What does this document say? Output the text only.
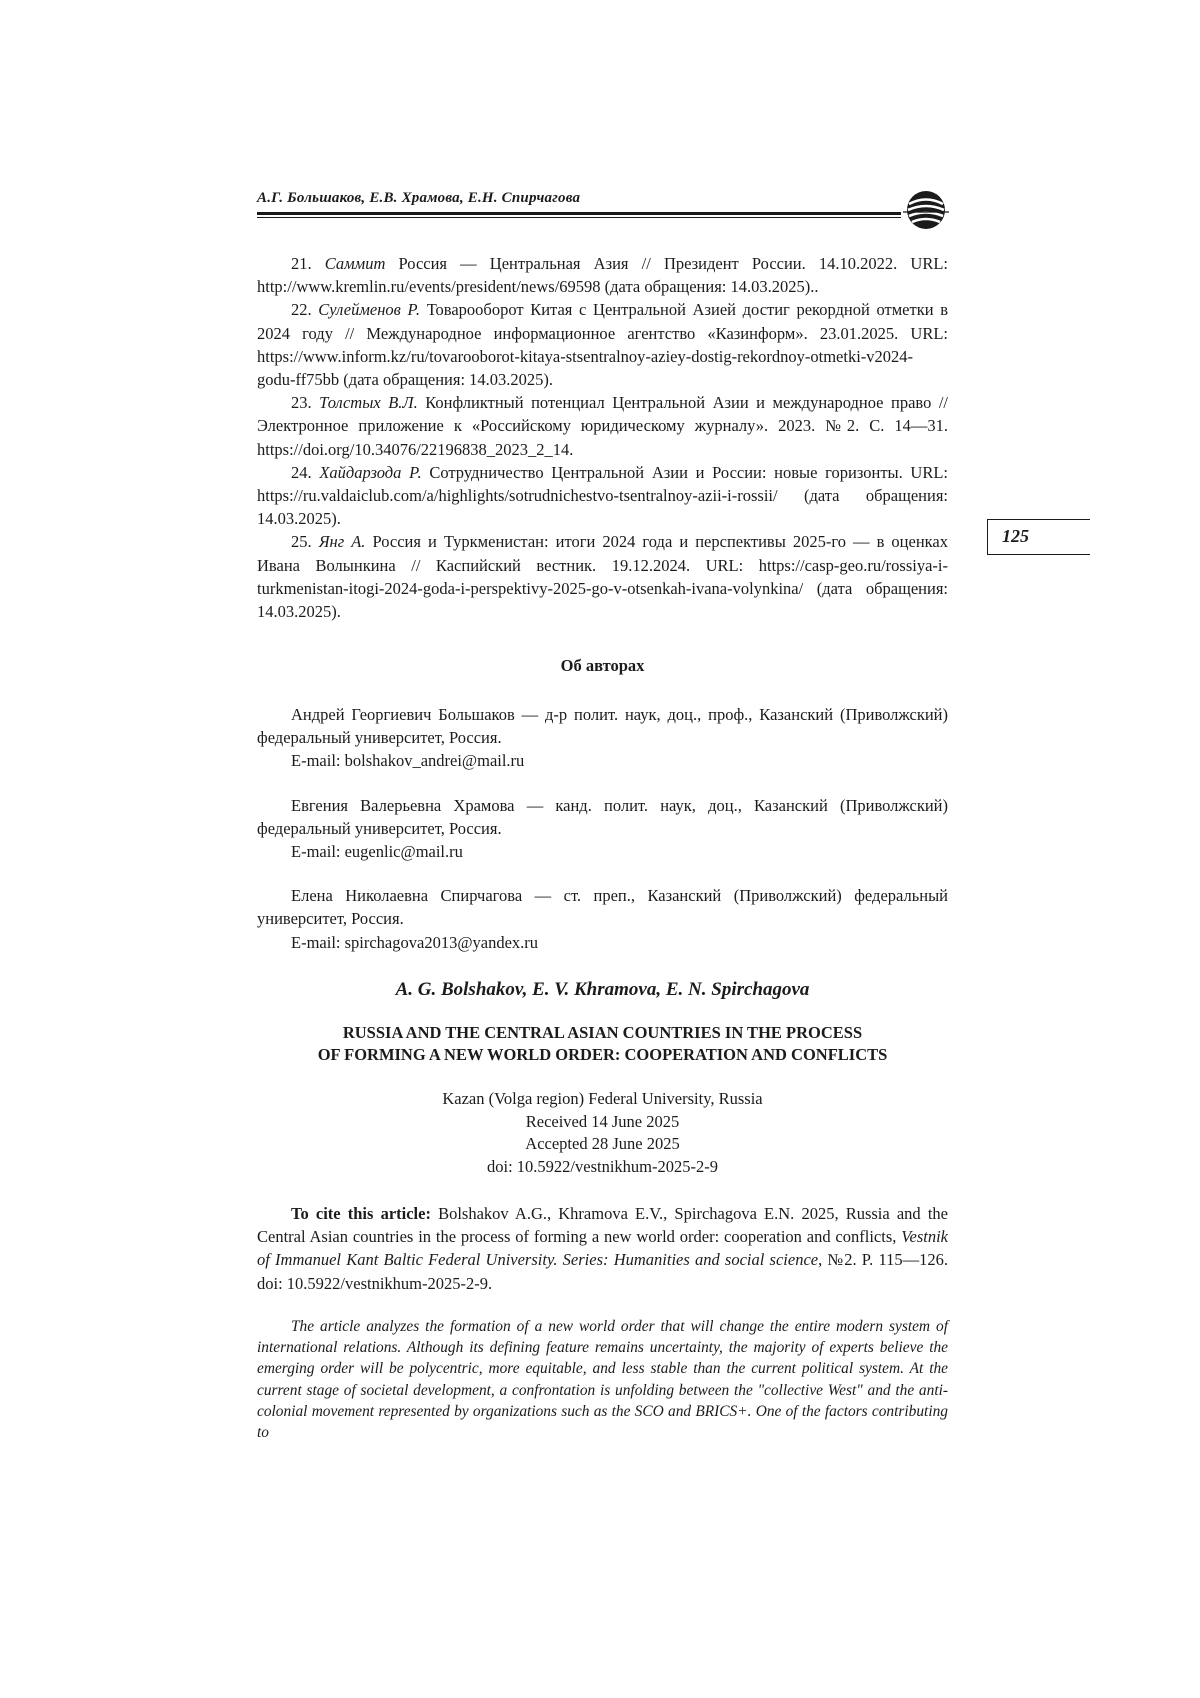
А.Г. Большаков, Е.В. Храмова, Е.Н. Спирчагова
125

21. Саммит Россия — Центральная Азия // Президент России. 14.10.2022. URL: http://www.kremlin.ru/events/president/news/69598 (дата обращения: 14.03.2025)..

22. Сулейменов Р. Товарооборот Китая с Центральной Азией достиг рекордной отметки в 2024 году // Международное информационное агентство «Казинформ». 23.01.2025. URL: https://www.inform.kz/ru/tovarooborot-kitaya-stsentralnoy-aziey-dostig-rekordnoy-otmetki-v2024-godu-ff75bb (дата обращения: 14.03.2025).

23. Толстых В.Л. Конфликтный потенциал Центральной Азии и международное право // Электронное приложение к «Российскому юридическому журналу». 2023. №2. С. 14—31. https://doi.org/10.34076/22196838_2023_2_14.

24. Хайдарзода Р. Сотрудничество Центральной Азии и России: новые горизонты. URL: https://ru.valdaiclub.com/a/highlights/sotrudnichestvo-tsentralnoy-azii-i-rossii/ (дата обращения: 14.03.2025).

25. Янг А. Россия и Туркменистан: итоги 2024 года и перспективы 2025-го — в оценках Ивана Волынкина // Каспийский вестник. 19.12.2024. URL: https://casp-geo.ru/rossiya-i-turkmenistan-itogi-2024-goda-i-perspektivy-2025-go-v-otsenkah-ivana-volynkina/ (дата обращения: 14.03.2025).

Об авторах

Андрей Георгиевич Большаков — д-р полит. наук, доц., проф., Казанский (Приволжский) федеральный университет, Россия.

E-mail: bolshakov_andrei@mail.ru

Евгения Валерьевна Храмова — канд. полит. наук, доц., Казанский (Приволжский) федеральный университет, Россия.

E-mail: eugenlic@mail.ru

Елена Николаевна Спирчагова — ст. преп., Казанский (Приволжский) федеральный университет, Россия.

E-mail: spirchagova2013@yandex.ru

A. G. Bolshakov, E. V. Khramova, E. N. Spirchagova
RUSSIA AND THE CENTRAL ASIAN COUNTRIES IN THE PROCESS
OF FORMING A NEW WORLD ORDER: COOPERATION AND CONFLICTS
Kazan (Volga region) Federal University, Russia
Received 14 June 2025
Accepted 28 June 2025
doi: 10.5922/vestnikhum-2025-2-9

To cite this article: Bolshakov A.G., Khramova E.V., Spirchagova E.N. 2025, Russia and the Central Asian countries in the process of forming a new world order: cooperation and conflicts, Vestnik of Immanuel Kant Baltic Federal University. Series: Humanities and social science, №2. P. 115—126. doi: 10.5922/vestnikhum-2025-2-9.

The article analyzes the formation of a new world order that will change the entire modern system of international relations. Although its defining feature remains uncertainty, the majority of experts believe the emerging order will be polycentric, more equitable, and less stable than the current political system. At the current stage of societal development, a confrontation is unfolding between the "collective West" and the anti-colonial movement represented by organizations such as the SCO and BRICS+. One of the factors contributing to
